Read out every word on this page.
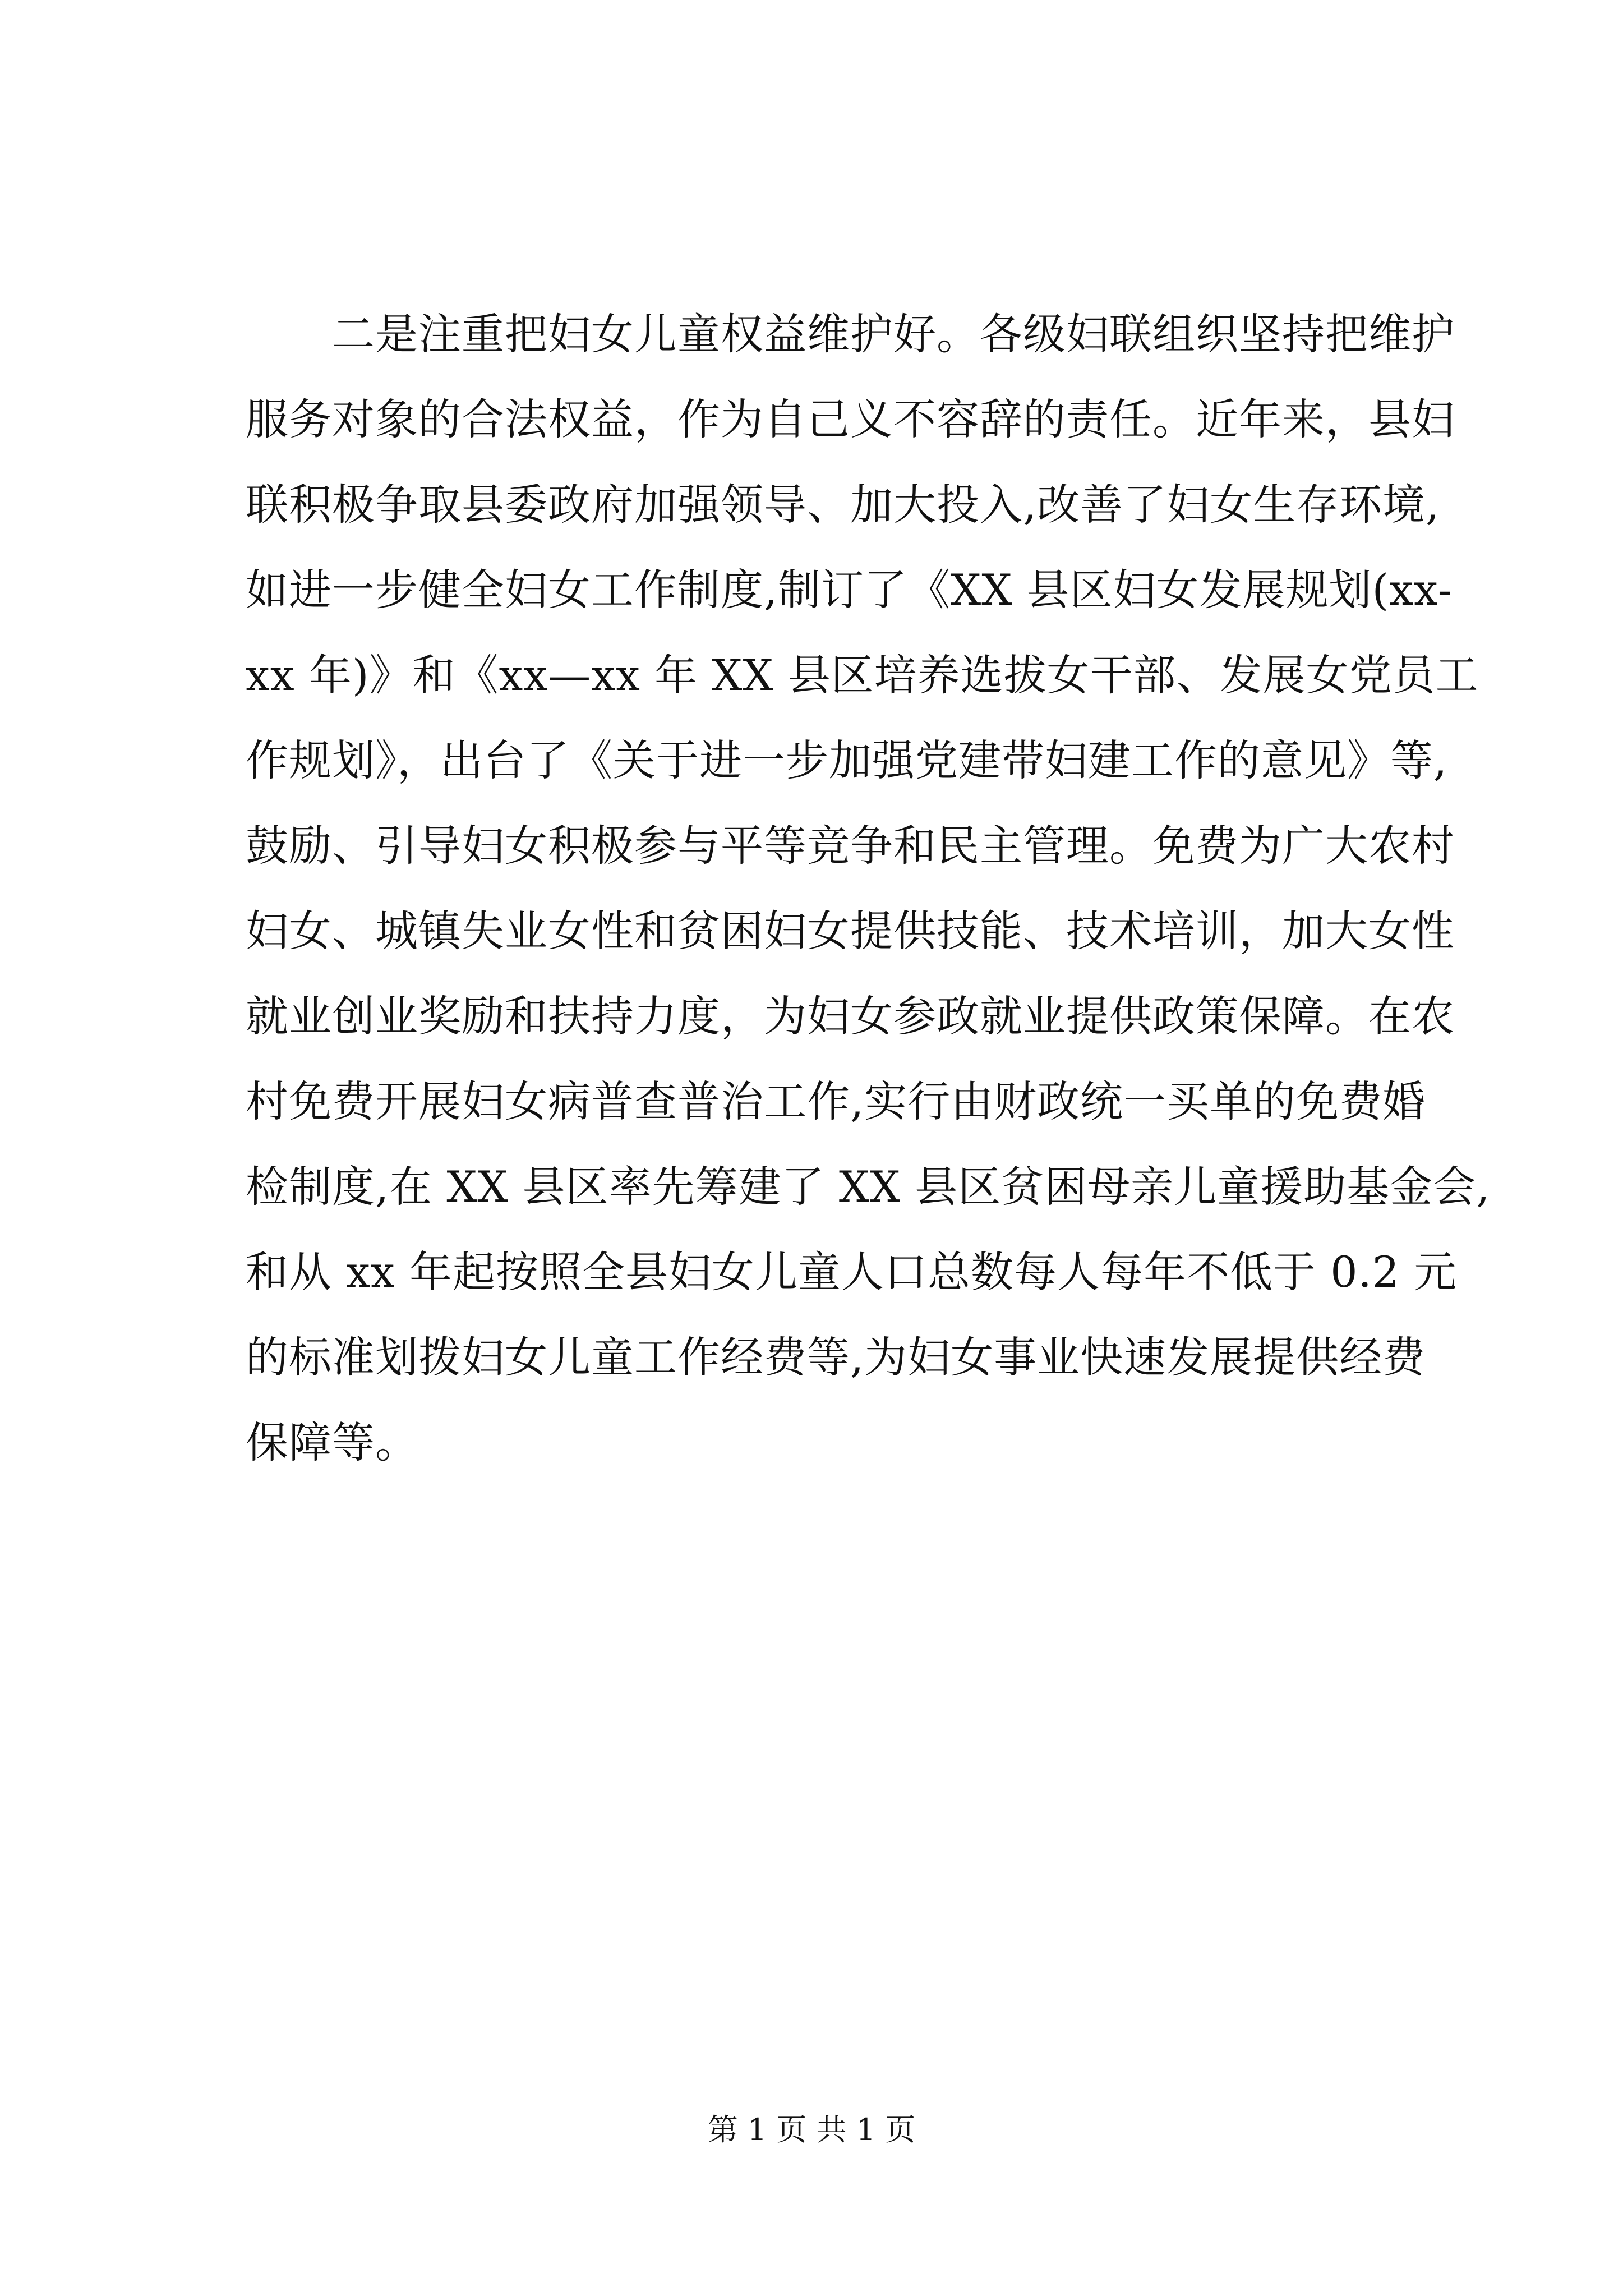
　　二是注重把妇女儿童权益维护好。各级妇联组织坚持把维护
服务对象的合法权益，作为自己义不容辞的责任。近年来，县妇
联积极争取县委政府加强领导、加大投入,改善了妇女生存环境,
如进一步健全妇女工作制度,制订了《XX 县区妇女发展规划(xx-
xx 年)》和《xx—xx 年 XX 县区培养选拔女干部、发展女党员工
作规划》，出台了《关于进一步加强党建带妇建工作的意见》等,
鼓励、引导妇女积极参与平等竞争和民主管理。免费为广大农村
妇女、城镇失业女性和贫困妇女提供技能、技术培训，加大女性
就业创业奖励和扶持力度，为妇女参政就业提供政策保障。在农
村免费开展妇女病普查普治工作,实行由财政统一买单的免费婚
检制度,在 XX 县区率先筹建了 XX 县区贫困母亲儿童援助基金会,
和从 xx 年起按照全县妇女儿童人口总数每人每年不低于 0.2 元
的标准划拨妇女儿童工作经费等,为妇女事业快速发展提供经费
保障等。
第 1 页 共 1 页
